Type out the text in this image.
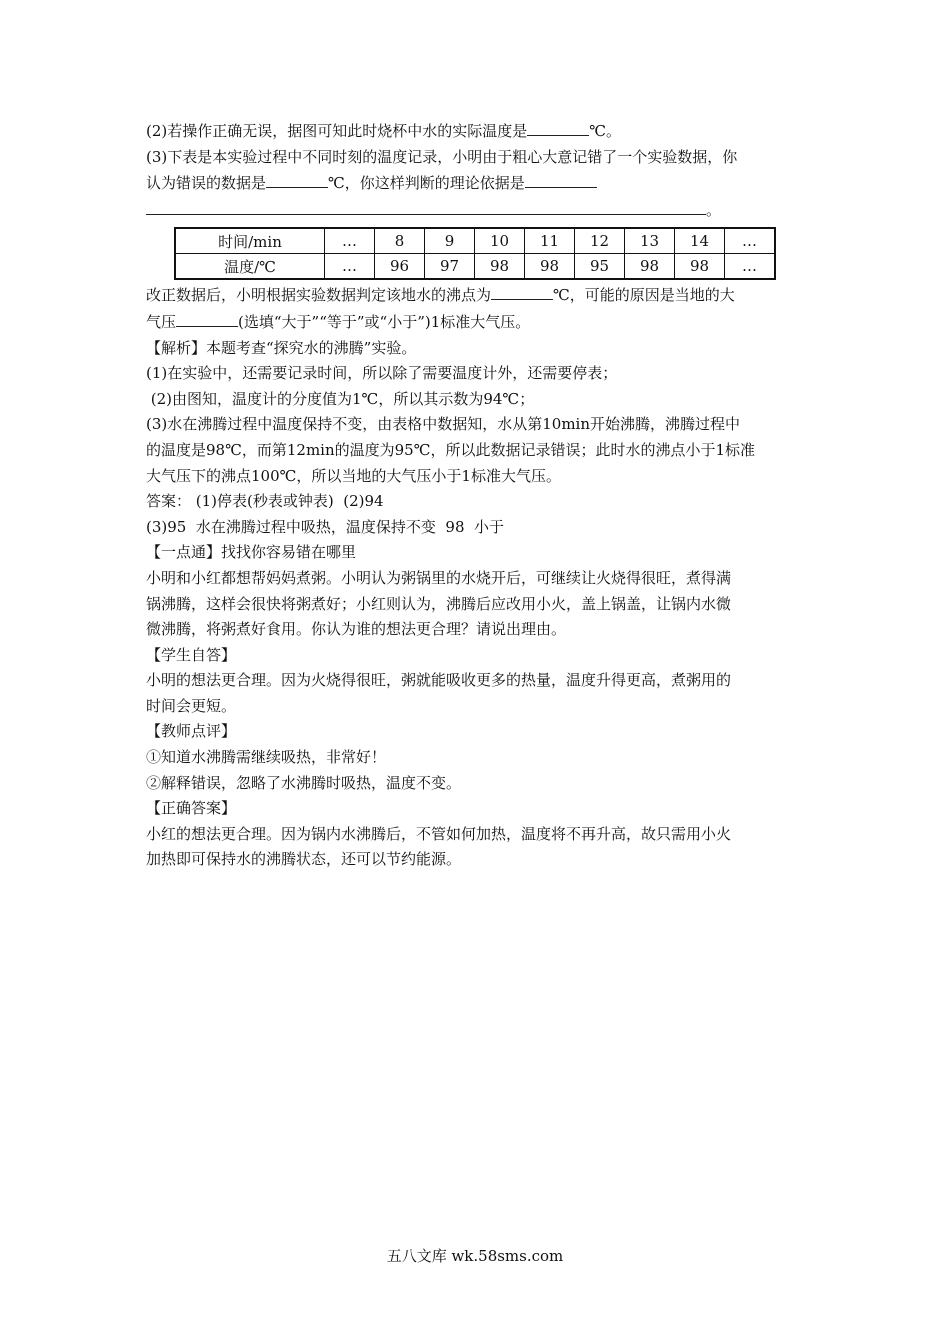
(2)若操作正确无误，据图可知此时烧杯中水的实际温度是	℃。
(3)下表是本实验过程中不同时刻的温度记录，小明由于粗心大意记错了一个实验数据，你
认为错误的数据是	℃，你这样判断的理论依据是
。
时间/min	…	8	9	10	11	12	13	14	…
温度/℃	…	96	97	98	98	95	98	98	…
改正数据后，小明根据实验数据判定该地水的沸点为	℃，可能的原因是当地的大
气压	(选填“大于”“等于”或“小于”)1标准大气压。
【解析】本题考查“探究水的沸腾”实验。
(1)在实验中，还需要记录时间，所以除了需要温度计外，还需要停表；
(2)由图知，温度计的分度值为1℃，所以其示数为94℃；
(3)水在沸腾过程中温度保持不变，由表格中数据知，水从第10min开始沸腾，沸腾过程中
的温度是98℃，而第12min的温度为95℃，所以此数据记录错误；此时水的沸点小于1标准
大气压下的沸点100℃，所以当地的大气压小于1标准大气压。
答案： (1)停表(秒表或钟表)  (2)94
(3)95  水在沸腾过程中吸热，温度保持不变  98  小于
【一点通】找找你容易错在哪里
小明和小红都想帮妈妈煮粥。小明认为粥锅里的水烧开后，可继续让火烧得很旺，煮得满
锅沸腾，这样会很快将粥煮好；小红则认为，沸腾后应改用小火，盖上锅盖，让锅内水微
微沸腾，将粥煮好食用。你认为谁的想法更合理？请说出理由。
【学生自答】
小明的想法更合理。因为火烧得很旺，粥就能吸收更多的热量，温度升得更高，煮粥用的
时间会更短。
【教师点评】
①知道水沸腾需继续吸热，非常好！
②解释错误，忽略了水沸腾时吸热，温度不变。
【正确答案】
小红的想法更合理。因为锅内水沸腾后，不管如何加热，温度将不再升高，故只需用小火
加热即可保持水的沸腾状态，还可以节约能源。
五八文库 wk.58sms.com
